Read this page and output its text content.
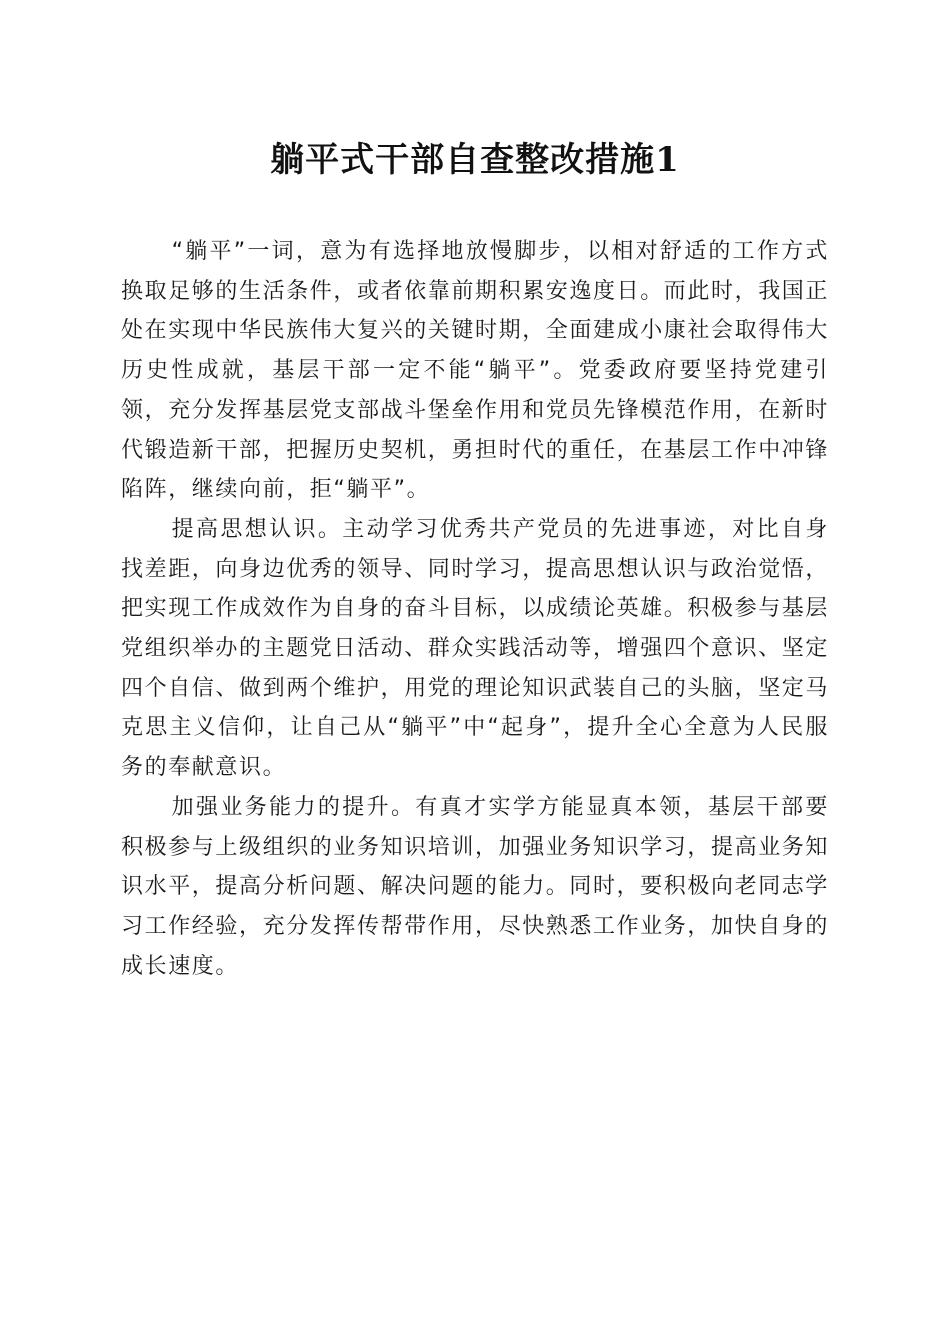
躺平式干部自查整改措施1

“躺平”一词，意为有选择地放慢脚步，以相对舒适的工作方式换取足够的生活条件，或者依靠前期积累安逸度日。而此时，我国正处在实现中华民族伟大复兴的关键时期，全面建成小康社会取得伟大历史性成就，基层干部一定不能“躺平”。党委政府要坚持党建引领，充分发挥基层党支部战斗堡垒作用和党员先锋模范作用，在新时代锻造新干部，把握历史契机，勇担时代的重任，在基层工作中冲锋陷阵，继续向前，拒“躺平”。

提高思想认识。主动学习优秀共产党员的先进事迹，对比自身找差距，向身边优秀的领导、同时学习，提高思想认识与政治觉悟，把实现工作成效作为自身的奋斗目标，以成绩论英雄。积极参与基层党组织举办的主题党日活动、群众实践活动等，增强四个意识、坚定四个自信、做到两个维护，用党的理论知识武装自己的头脑，坚定马克思主义信仰，让自己从“躺平”中“起身”，提升全心全意为人民服务的奉献意识。

加强业务能力的提升。有真才实学方能显真本领，基层干部要积极参与上级组织的业务知识培训，加强业务知识学习，提高业务知识水平，提高分析问题、解决问题的能力。同时，要积极向老同志学习工作经验，充分发挥传帮带作用，尽快熟悉工作业务，加快自身的成长速度。
